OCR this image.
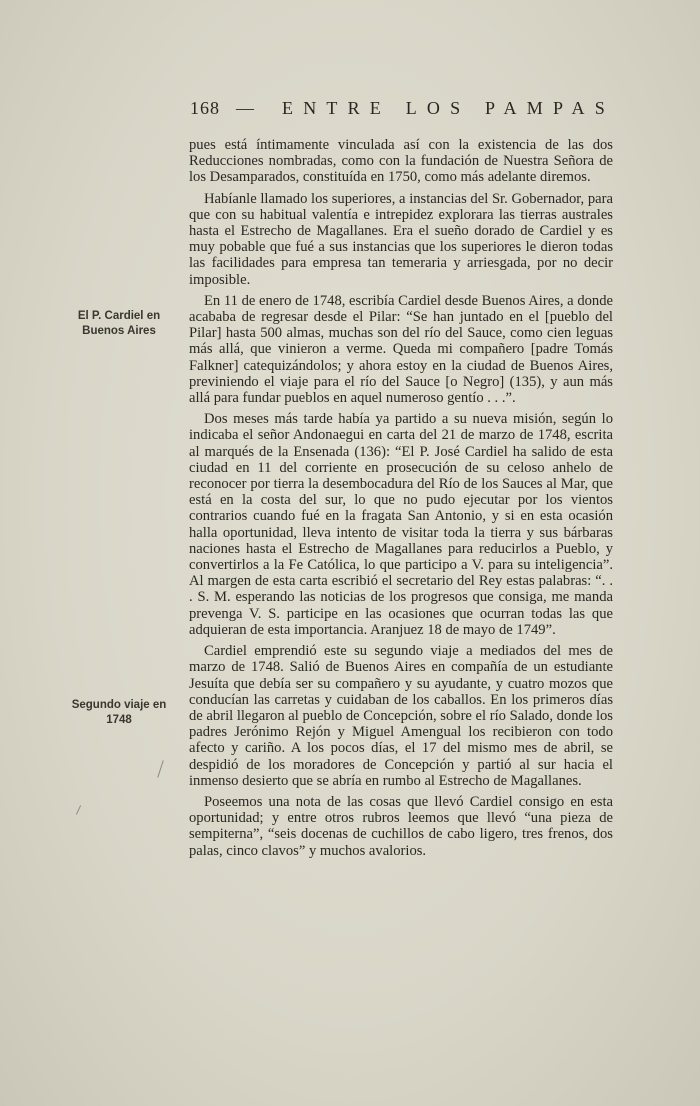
168 — ENTRE LOS PAMPAS
El P. Cardiel en Buenos Aires
Segundo viaje en 1748

pues está íntimamente vinculada así con la existencia de las dos Reducciones nombradas, como con la fundación de Nuestra Señora de los Desamparados, constituída en 1750, como más adelante diremos.

Habíanle llamado los superiores, a instancias del Sr. Gobernador, para que con su habitual valentía e intrepidez explorara las tierras australes hasta el Estrecho de Magallanes. Era el sueño dorado de Cardiel y es muy pobable que fué a sus instancias que los superiores le dieron todas las facilidades para empresa tan temeraria y arriesgada, por no decir imposible.

En 11 de enero de 1748, escribía Cardiel desde Buenos Aires, a donde acababa de regresar desde el Pilar: “Se han juntado en el [pueblo del Pilar] hasta 500 almas, muchas son del río del Sauce, como cien leguas más allá, que vinieron a verme. Queda mi compañero [padre Tomás Falkner] catequizándolos; y ahora estoy en la ciudad de Buenos Aires, previniendo el viaje para el río del Sauce [o Negro] (135), y aun más allá para fundar pueblos en aquel numeroso gentío . . .”.

Dos meses más tarde había ya partido a su nueva misión, según lo indicaba el señor Andonaegui en carta del 21 de marzo de 1748, escrita al marqués de la Ensenada (136): “El P. José Cardiel ha salido de esta ciudad en 11 del corriente en prosecución de su celoso anhelo de reconocer por tierra la desembocadura del Río de los Sauces al Mar, que está en la costa del sur, lo que no pudo ejecutar por los vientos contrarios cuando fué en la fragata San Antonio, y si en esta ocasión halla oportunidad, lleva intento de visitar toda la tierra y sus bárbaras naciones hasta el Estrecho de Magallanes para reducirlos a Pueblo, y convertirlos a la Fe Católica, lo que participo a V. para su inteligencia”. Al margen de esta carta escribió el secretario del Rey estas palabras: “. . . S. M. esperando las noticias de los progresos que consiga, me manda prevenga V. S. participe en las ocasiones que ocurran todas las que adquieran de esta importancia. Aranjuez 18 de mayo de 1749”.

Cardiel emprendió este su segundo viaje a mediados del mes de marzo de 1748. Salió de Buenos Aires en compañía de un estudiante Jesuíta que debía ser su compañero y su ayudante, y cuatro mozos que conducían las carretas y cuidaban de los caballos. En los primeros días de abril llegaron al pueblo de Concepción, sobre el río Salado, donde los padres Jerónimo Rejón y Miguel Amengual los recibieron con todo afecto y cariño. A los pocos días, el 17 del mismo mes de abril, se despidió de los moradores de Concepción y partió al sur hacia el inmenso desierto que se abría en rumbo al Estrecho de Magallanes.

Poseemos una nota de las cosas que llevó Cardiel consigo en esta oportunidad; y entre otros rubros leemos que llevó “una pieza de sempiterna”, “seis docenas de cuchillos de cabo ligero, tres frenos, dos palas, cinco clavos” y muchos avalorios.
